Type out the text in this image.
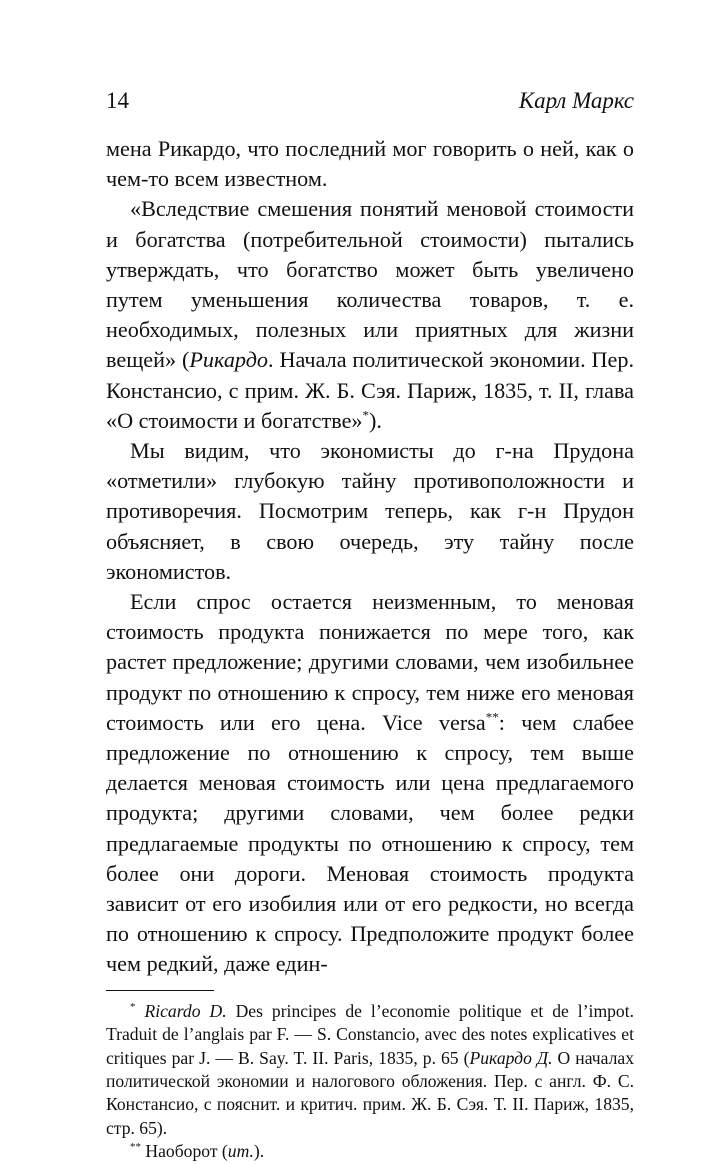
14	Карл Маркс

мена Рикардо, что последний мог говорить о ней, как о чем-то всем известном.

«Вследствие смешения понятий меновой стоимости и богатства (потребительной стоимости) пытались утверждать, что богатство может быть увеличено путем уменьшения количества товаров, т. е. необходимых, полезных или приятных для жизни вещей» (Рикардо. Начала политической экономии. Пер. Констансио, с прим. Ж. Б. Сэя. Париж, 1835, т. II, глава «О стоимости и богатстве»*).

Мы видим, что экономисты до г-на Прудона «отметили» глубокую тайну противоположности и противоречия. Посмотрим теперь, как г-н Прудон объясняет, в свою очередь, эту тайну после экономистов.

Если спрос остается неизменным, то меновая стоимость продукта понижается по мере того, как растет предложение; другими словами, чем изобильнее продукт по отношению к спросу, тем ниже его меновая стоимость или его цена. Vice versa**: чем слабее предложение по отношению к спросу, тем выше делается меновая стоимость или цена предлагаемого продукта; другими словами, чем более редки предлагаемые продукты по отношению к спросу, тем более они дороги. Меновая стоимость продукта зависит от его изобилия или от его редкости, но всегда по отношению к спросу. Предположите продукт более чем редкий, даже един-

* Ricardo D. Des principes de l’economie politique et de l’impot. Traduit de l’anglais par F. — S. Constancio, avec des notes explicatives et critiques par J. — B. Say. T. II. Paris, 1835, p. 65 (Рикардо Д. О началах политической экономии и налогового обложения. Пер. с англ. Ф. С. Констансио, с пояснит. и критич. прим. Ж. Б. Сэя. Т. II. Париж, 1835, стр. 65).

** Наоборот (ит.).
